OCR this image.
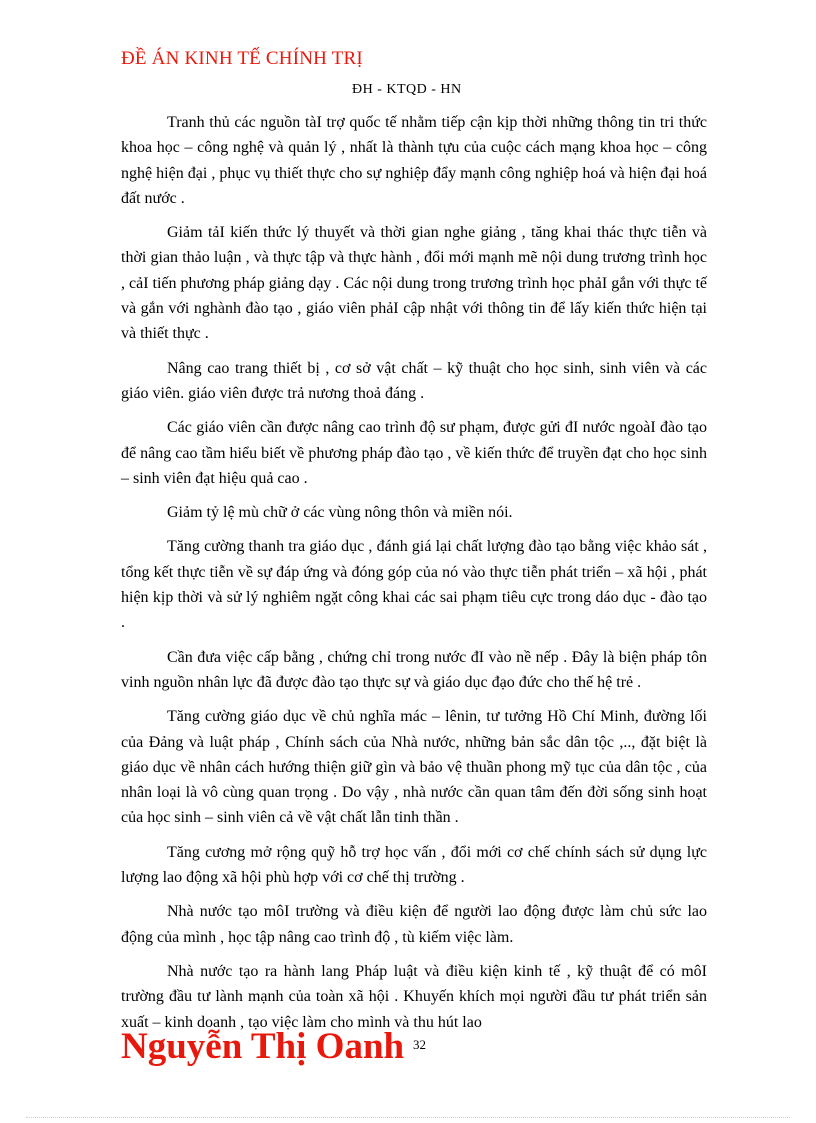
ĐỀ ÁN KINH TẾ CHÍNH TRỊ
ĐH - KTQD - HN

Tranh thủ các nguồn tàI trợ quốc tế nhằm tiếp cận kịp thời những thông tin tri thức khoa học – công nghệ và quản lý , nhất là thành tựu của cuộc cách mạng khoa học – công nghệ hiện đại , phục vụ thiết thực cho sự nghiệp đẩy mạnh công nghiệp hoá và hiện đại hoá đất nước .

Giảm tảI kiến thức lý thuyết và thời gian nghe giảng , tăng khai thác thực tiễn và thời gian thảo luận , và thực tập và thực hành , đổi mới mạnh mẽ nội dung trương trình học , cảI tiến phương pháp giảng dạy . Các nội dung trong trương trình học phảI gắn với thực tế và gắn với nghành đào tạo , giáo viên phảI cập nhật với thông tin để lấy kiến thức hiện tại và thiết thực .

Nâng cao trang thiết bị , cơ sở vật chất – kỹ thuật cho học sinh, sinh viên và các giáo viên. giáo viên được trả nương thoả đáng .

Các giáo viên cần được nâng cao trình độ sư phạm, được gửi đI nước ngoàI đào tạo để nâng cao tầm hiểu biết về phương pháp đào tạo , về kiến thức để truyền đạt cho học sinh – sinh viên đạt hiệu quả cao .

Giảm tỷ lệ mù chữ ở các vùng nông thôn và miền nói.

Tăng cường thanh tra giáo dục , đánh giá lại chất lượng đào tạo bằng việc khảo sát , tổng kết thực tiễn về sự đáp ứng và đóng góp của nó vào thực tiễn phát triển – xã hội , phát hiện kịp thời và sử lý nghiêm ngặt công khai các sai phạm tiêu cực trong dáo dục - đào tạo .

Cần đưa việc cấp bằng , chứng chỉ trong nước đI vào nề nếp . Đây là biện pháp tôn vinh nguồn nhân lực đã được đào tạo thực sự và giáo dục đạo đức cho thế hệ trẻ .

Tăng cường giáo dục về chủ nghĩa mác – lênin, tư tưởng Hồ Chí Minh, đường lối của Đảng và luật pháp , Chính sách của Nhà nước, những bản sắc dân tộc ,.., đặt biệt là giáo dục về nhân cách hướng thiện giữ gìn và bảo vệ thuần phong mỹ tục của dân tộc , của nhân loại là vô cùng quan trọng . Do vậy , nhà nước cần quan tâm đến đời sống sinh hoạt của học sinh – sinh viên cả về vật chất lẫn tinh thần .

Tăng cương mở rộng quỹ hỗ trợ học vấn , đổi mới cơ chế chính sách sử dụng lực lượng lao động xã hội phù hợp với cơ chế thị trường .

Nhà nước tạo môI trường và điều kiện để người lao động được làm chủ sức lao động của mình , học tập nâng cao trình độ , tù kiếm việc làm.

Nhà nước tạo ra hành lang Pháp luật và điều kiện kinh tế , kỹ thuật để có môI trường đầu tư lành mạnh của toàn xã hội . Khuyến khích mọi người đầu tư phát triển sản xuất – kinh doanh , tạo việc làm cho mình và thu hút lao

Nguyễn Thị Oanh 32
